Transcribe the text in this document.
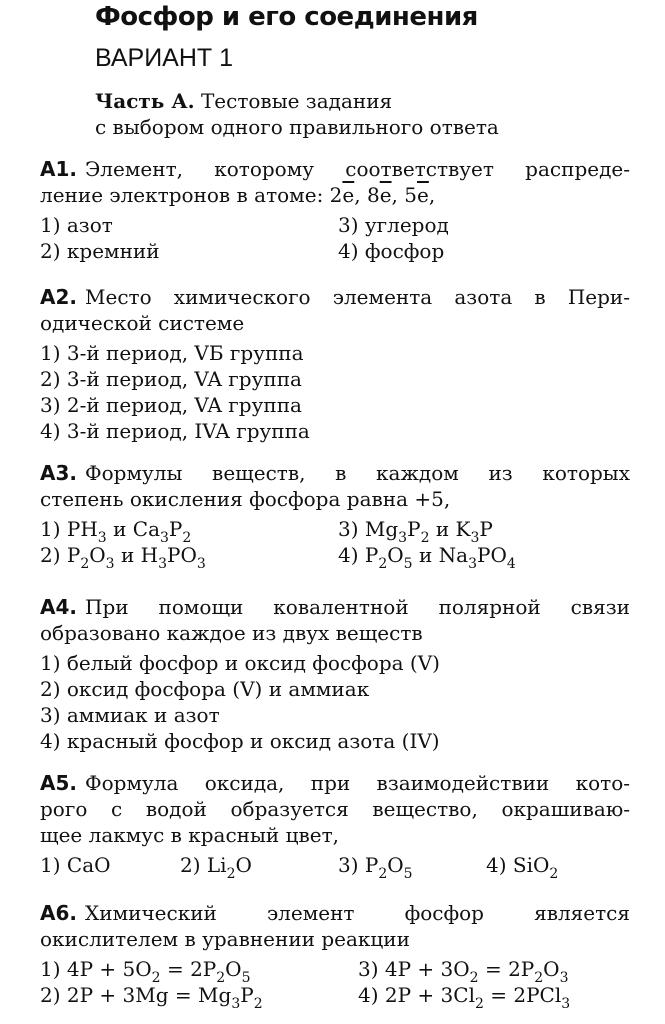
Фосфор и его соединения
ВАРИАНТ 1
Часть А. Тестовые задания
с выбором одного правильного ответа
А1. Элемент, которому соответствует распреде-
ление электронов в атоме: $2\overline{e}$, $8\overline{e}$, $5\overline{e}$,
1) азот	3) углерод
2) кремний	4) фосфор
А2. Место химического элемента азота в Пери-
одической системе
1) 3-й период, VБ группа
2) 3-й период, VA группа
3) 2-й период, VA группа
4) 3-й период, IVA группа
А3. Формулы веществ, в каждом из которых
степень окисления фосфора равна +5,
1) $PH_3$ и $Ca_3P_2$	3) $Mg_3P_2$ и $K_3P$
2) $P_2O_3$ и $H_3PO_3$	4) $P_2O_5$ и $Na_3PO_4$
А4. При помощи ковалентной полярной связи
образовано каждое из двух веществ
1) белый фосфор и оксид фосфора (V)
2) оксид фосфора (V) и аммиак
3) аммиак и азот
4) красный фосфор и оксид азота (IV)
А5. Формула оксида, при взаимодействии кото-
рого с водой образуется вещество, окрашиваю-
щее лакмус в красный цвет,
1) CaO	2) $Li_2O$	3) $P_2O_5$	4) SiO$_2$
А6. Химический элемент фосфор является
окислителем в уравнении реакции
1) $4P + 5O_2 = 2P_2O_5$	3) $4P + 3O_2 = 2P_2O_3$
2) $2P + 3Mg = Mg_3P_2$	4) $2P + 3Cl_2 = 2PCl_3$
